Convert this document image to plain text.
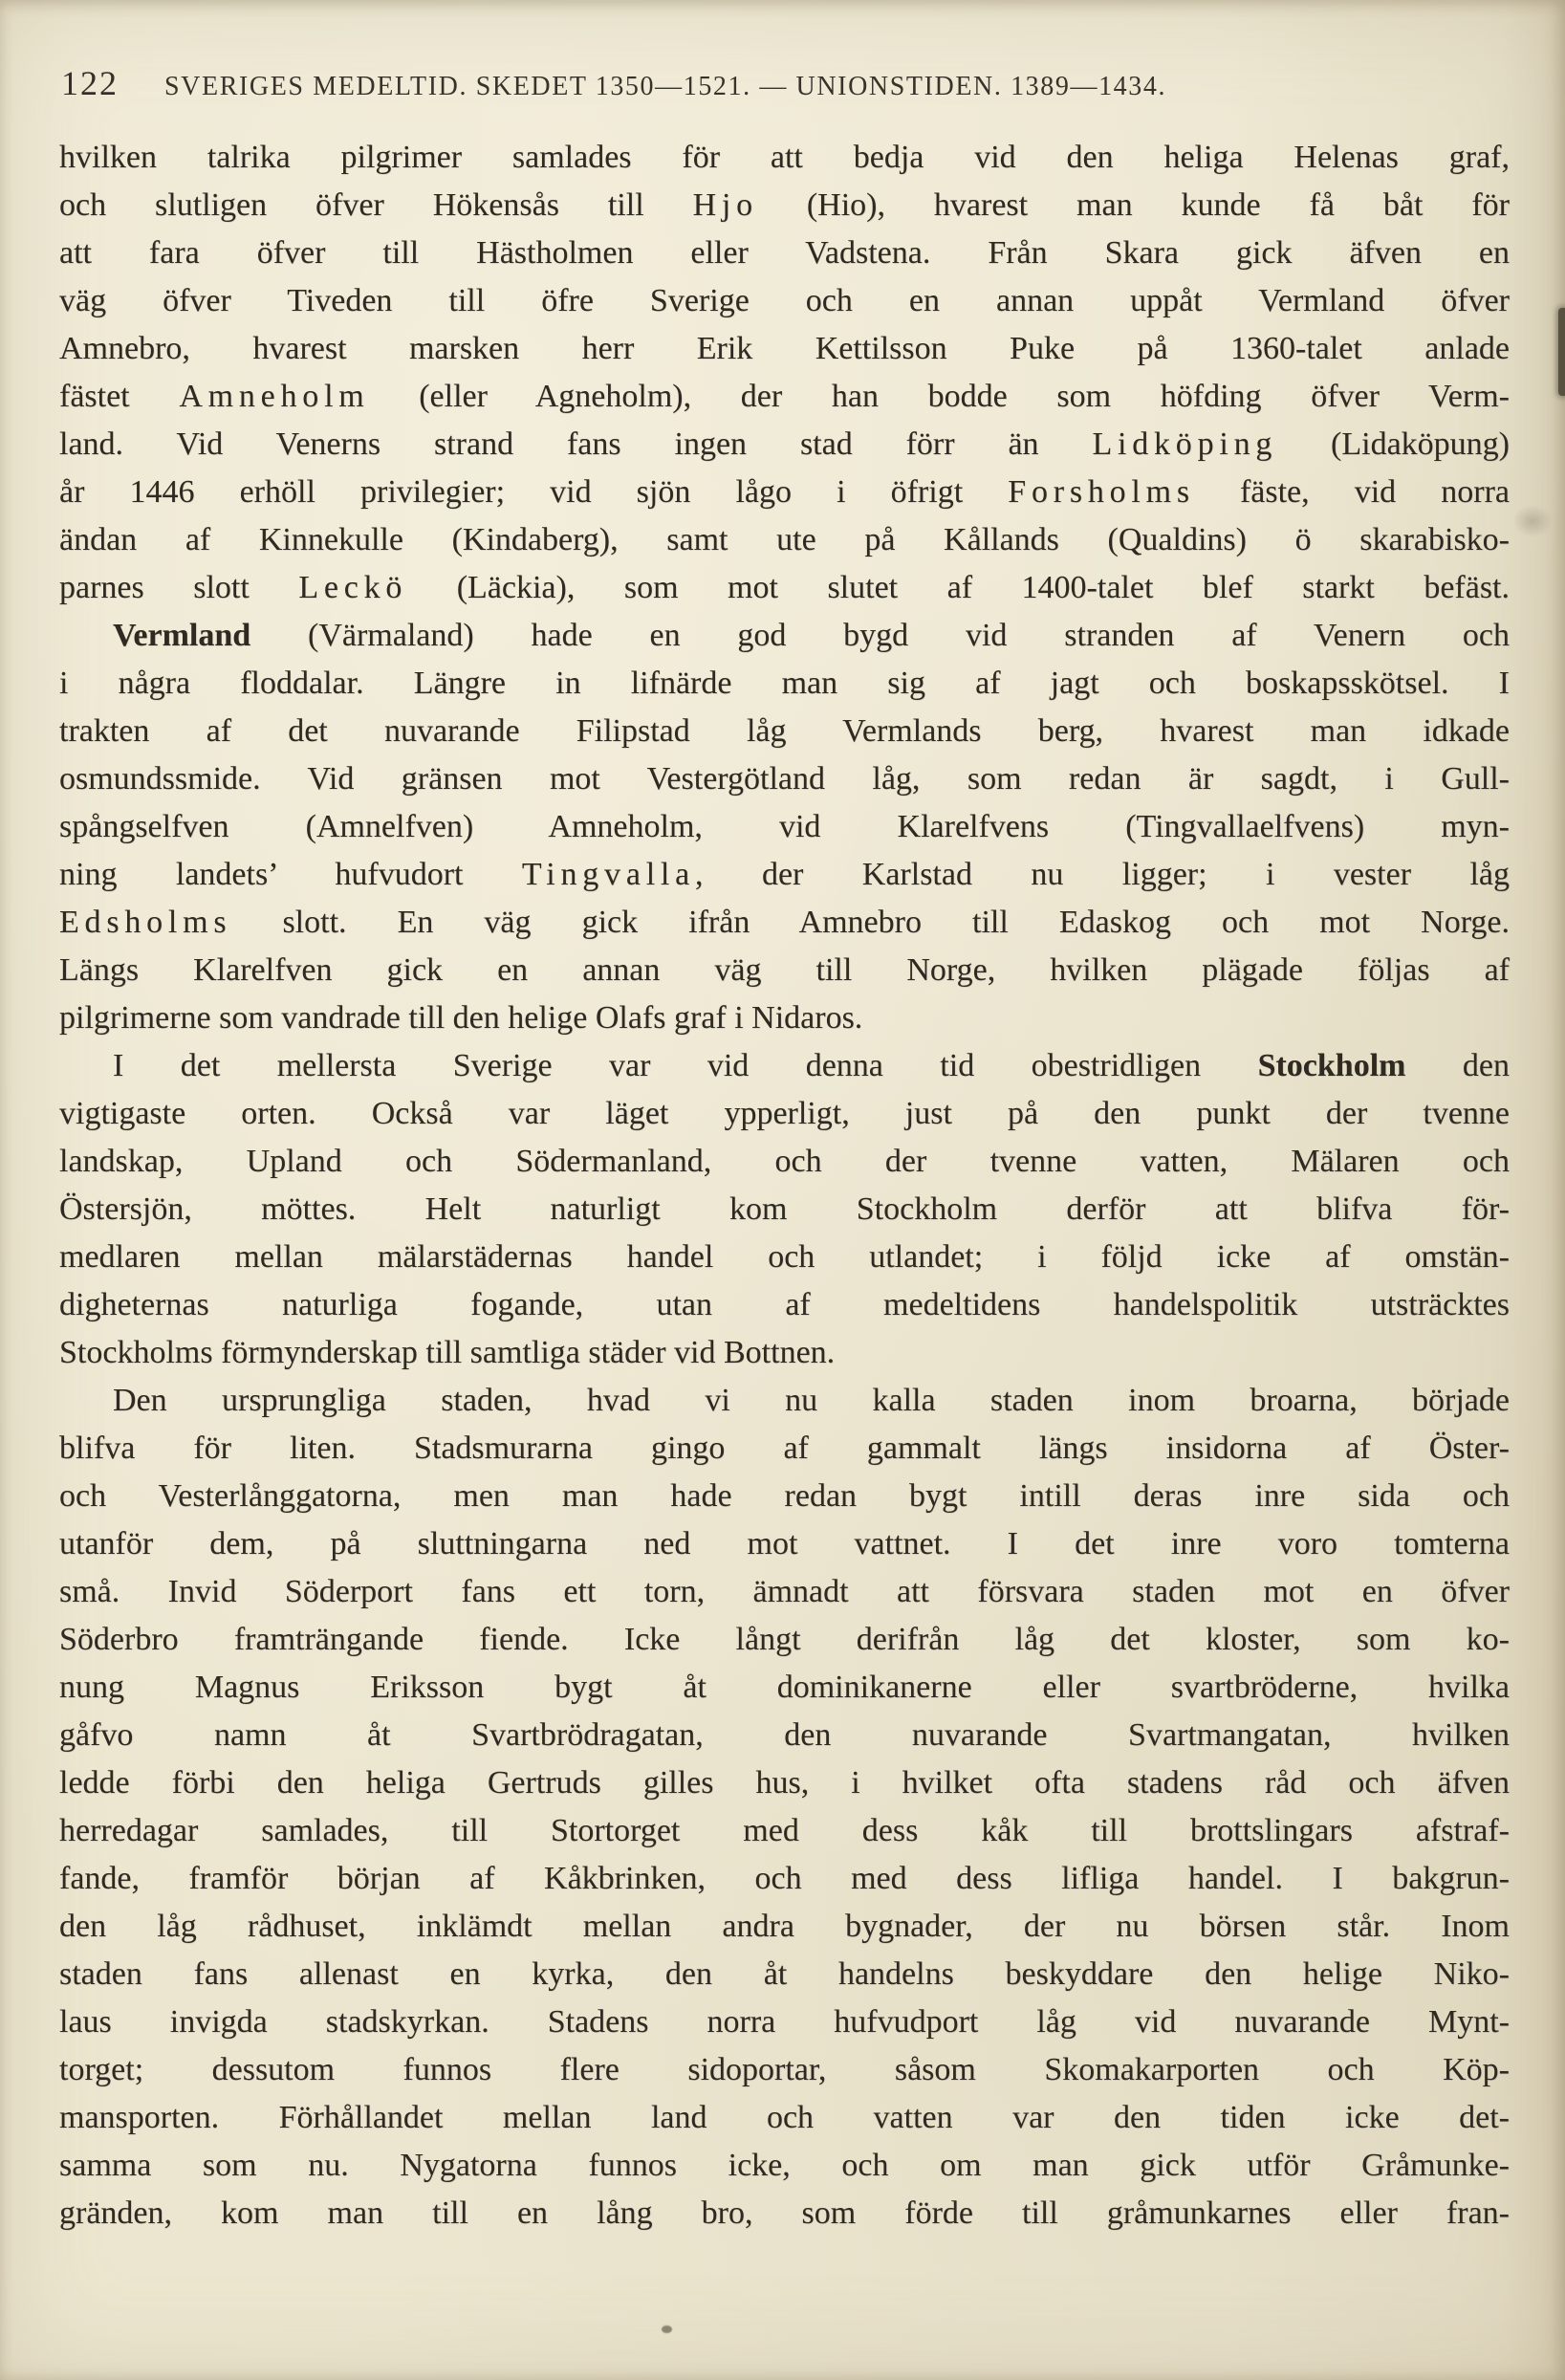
122 SVERIGES MEDELTID. SKEDET 1350—1521. — UNIONSTIDEN. 1389—1434.
hvilken talrika pilgrimer samlades för att bedja vid den heliga Helenas graf,
och slutligen öfver Hökensås till Hjo (Hio), hvarest man kunde få båt för
att fara öfver till Hästholmen eller Vadstena. Från Skara gick äfven en
väg öfver Tiveden till öfre Sverige och en annan uppåt Vermland öfver
Amnebro, hvarest marsken herr Erik Kettilsson Puke på 1360-talet anlade
fästet Amneholm (eller Agneholm), der han bodde som höfding öfver Verm-
land. Vid Venerns strand fans ingen stad förr än Lidköping (Lidaköpung)
år 1446 erhöll privilegier; vid sjön lågo i öfrigt Forsholms fäste, vid norra
ändan af Kinnekulle (Kindaberg), samt ute på Kållands (Qualdins) ö skarabisko-
parnes slott Leckö (Läckia), som mot slutet af 1400-talet blef starkt befäst.
Vermland (Värmaland) hade en god bygd vid stranden af Venern och
i några floddalar. Längre in lifnärde man sig af jagt och boskapsskötsel. I
trakten af det nuvarande Filipstad låg Vermlands berg, hvarest man idkade
osmundssmide. Vid gränsen mot Vestergötland låg, som redan är sagdt, i Gull-
spångselfven (Amnelfven) Amneholm, vid Klarelfvens (Tingvallaelfvens) myn-
ning landets’ hufvudort Tingvalla, der Karlstad nu ligger; i vester låg
Edsholms slott. En väg gick ifrån Amnebro till Edaskog och mot Norge.
Längs Klarelfven gick en annan väg till Norge, hvilken plägade följas af
pilgrimerne som vandrade till den helige Olafs graf i Nidaros.
I det mellersta Sverige var vid denna tid obestridligen Stockholm den
vigtigaste orten. Också var läget ypperligt, just på den punkt der tvenne
landskap, Upland och Södermanland, och der tvenne vatten, Mälaren och
Östersjön, möttes. Helt naturligt kom Stockholm derför att blifva för-
medlaren mellan mälarstädernas handel och utlandet; i följd icke af omstän-
digheternas naturliga fogande, utan af medeltidens handelspolitik utsträcktes
Stockholms förmynderskap till samtliga städer vid Bottnen.
Den ursprungliga staden, hvad vi nu kalla staden inom broarna, började
blifva för liten. Stadsmurarna gingo af gammalt längs insidorna af Öster-
och Vesterlånggatorna, men man hade redan bygt intill deras inre sida och
utanför dem, på sluttningarna ned mot vattnet. I det inre voro tomterna
små. Invid Söderport fans ett torn, ämnadt att försvara staden mot en öfver
Söderbro framträngande fiende. Icke långt derifrån låg det kloster, som ko-
nung Magnus Eriksson bygt åt dominikanerne eller svartbröderne, hvilka
gåfvo namn åt Svartbrödragatan, den nuvarande Svartmangatan, hvilken
ledde förbi den heliga Gertruds gilles hus, i hvilket ofta stadens råd och äfven
herredagar samlades, till Stortorget med dess kåk till brottslingars afstraf-
fande, framför början af Kåkbrinken, och med dess lifliga handel. I bakgrun-
den låg rådhuset, inklämdt mellan andra bygnader, der nu börsen står. Inom
staden fans allenast en kyrka, den åt handelns beskyddare den helige Niko-
laus invigda stadskyrkan. Stadens norra hufvudport låg vid nuvarande Mynt-
torget; dessutom funnos flere sidoportar, såsom Skomakarporten och Köp-
mansporten. Förhållandet mellan land och vatten var den tiden icke det-
samma som nu. Nygatorna funnos icke, och om man gick utför Gråmunke-
gränden, kom man till en lång bro, som förde till gråmunkarnes eller fran-
